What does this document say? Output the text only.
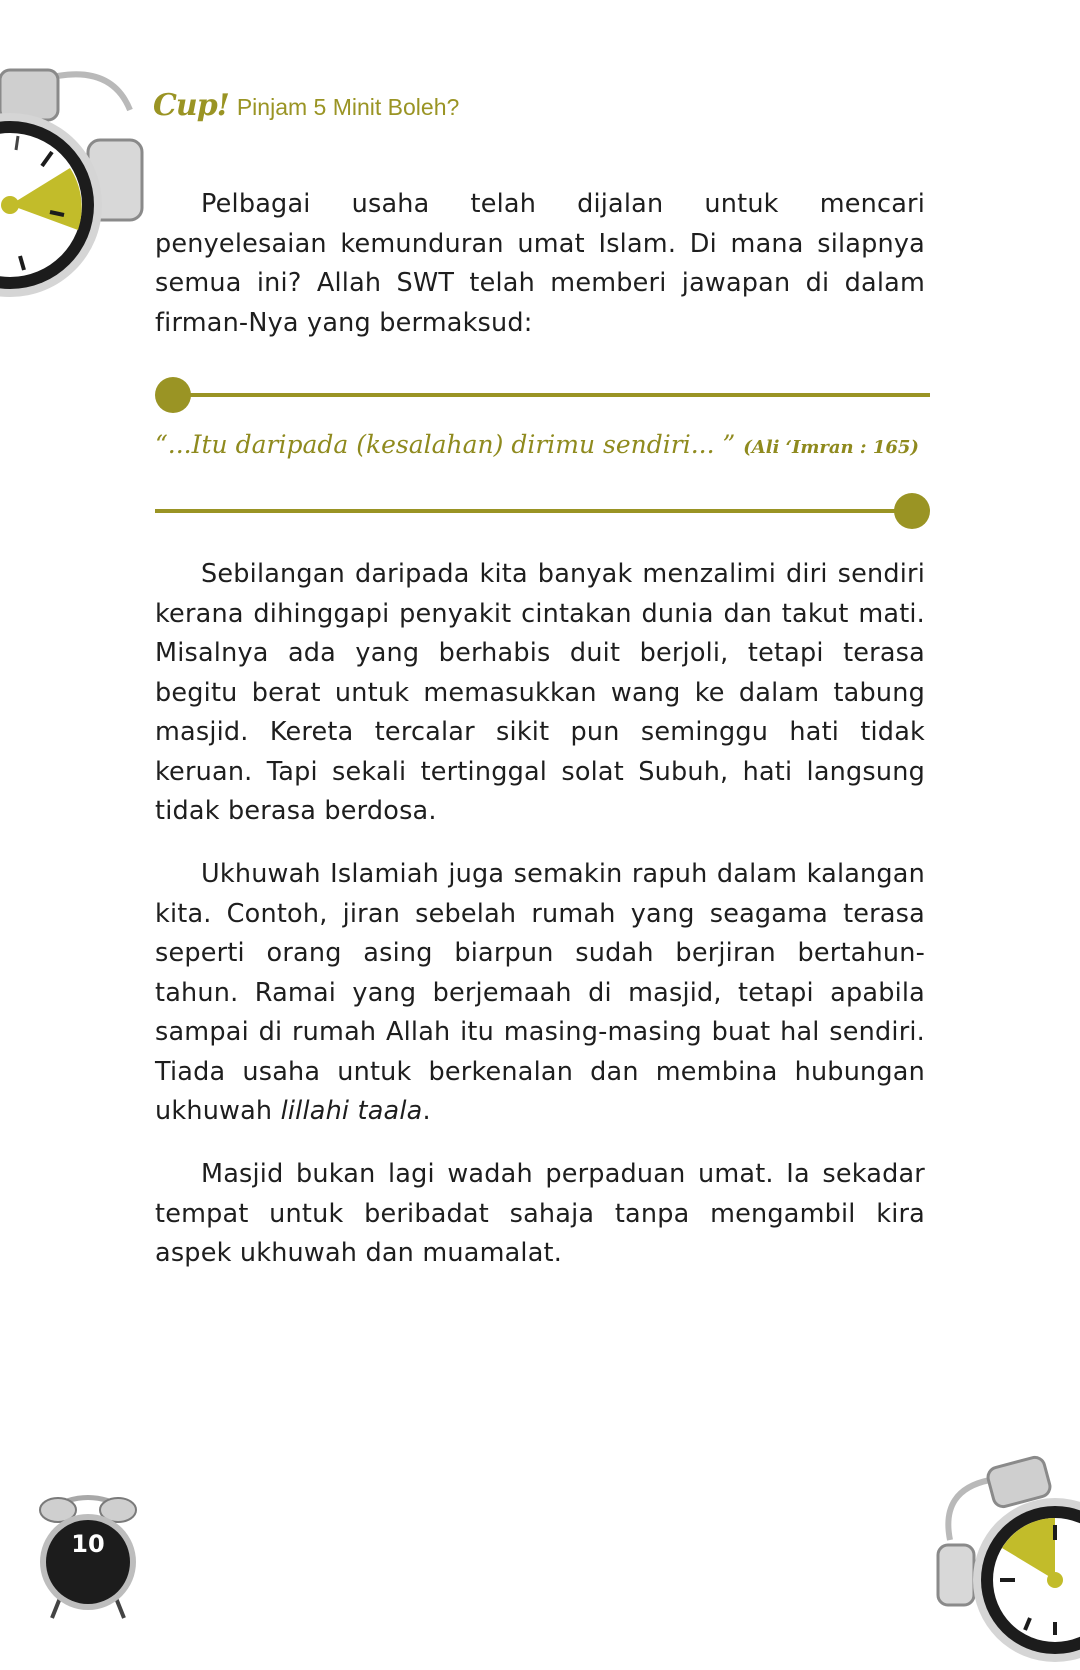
Cup! Pinjam 5 Minit Boleh?

Pelbagai usaha telah dijalan untuk mencari penyelesaian kemunduran umat Islam. Di mana silapnya semua ini? Allah SWT telah memberi jawapan di dalam firman-Nya yang bermaksud:

“...Itu daripada (kesalahan) dirimu sendiri... ” (Ali ‘Imran : 165)

Sebilangan daripada kita banyak menzalimi diri sendiri kerana dihinggapi penyakit cintakan dunia dan takut mati. Misalnya ada yang berhabis duit berjoli, tetapi terasa begitu berat untuk memasukkan wang ke dalam tabung masjid. Kereta tercalar sikit pun seminggu hati tidak keruan. Tapi sekali tertinggal solat Subuh, hati langsung tidak berasa berdosa.

Ukhuwah Islamiah juga semakin rapuh dalam kalangan kita. Contoh, jiran sebelah rumah yang seagama terasa seperti orang asing biarpun sudah berjiran bertahun-tahun. Ramai yang berjemaah di masjid, tetapi apabila sampai di rumah Allah itu masing-masing buat hal sendiri. Tiada usaha untuk berkenalan dan membina hubungan ukhuwah lillahi taala.

Masjid bukan lagi wadah perpaduan umat. Ia sekadar tempat untuk beribadat sahaja tanpa mengambil kira aspek ukhuwah dan muamalat.

10
